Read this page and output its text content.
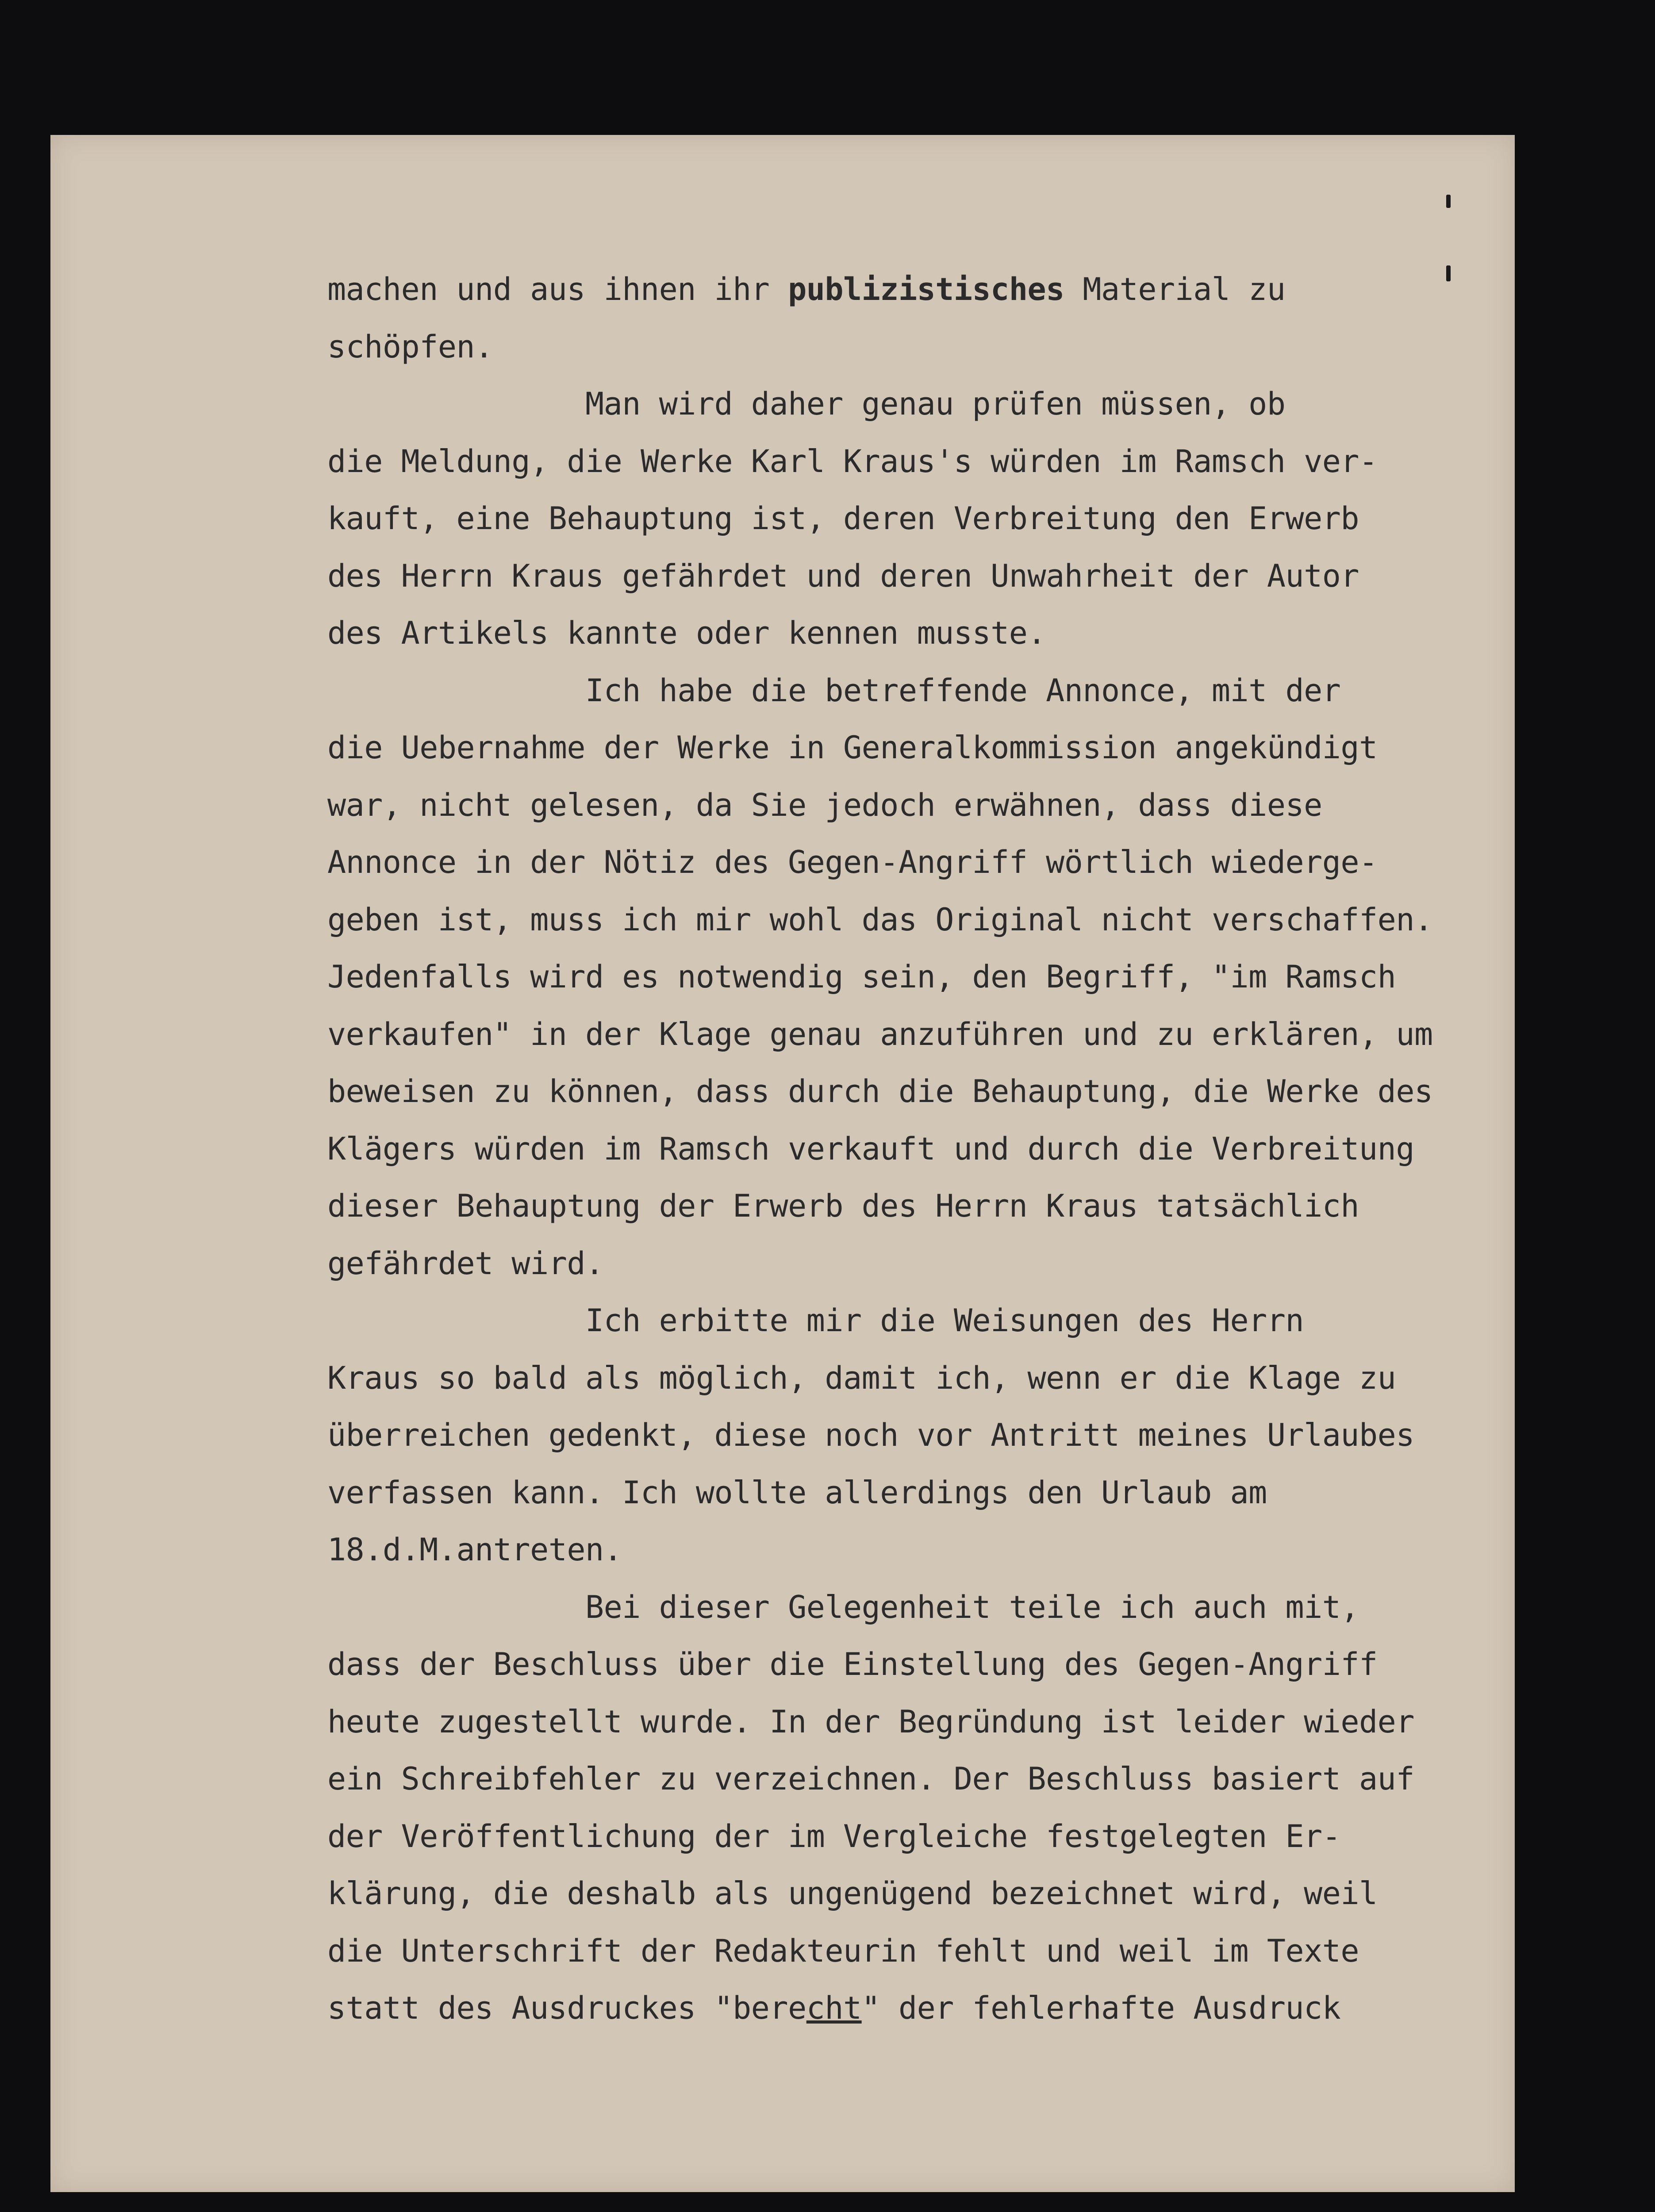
machen und aus ihnen ihr publizistisches Material zu
schöpfen.
Man wird daher genau prüfen müssen, ob
die Meldung, die Werke Karl Kraus's würden im Ramsch ver-
kauft, eine Behauptung ist, deren Verbreitung den Erwerb
des Herrn Kraus gefährdet und deren Unwahrheit der Autor
des Artikels kannte oder kennen musste.
Ich habe die betreffende Annonce, mit der
die Uebernahme der Werke in Generalkommission angekündigt
war, nicht gelesen, da Sie jedoch erwähnen, dass diese
Annonce in der Nötiz des Gegen-Angriff wörtlich wiederge-
geben ist, muss ich mir wohl das Original nicht verschaffen.
Jedenfalls wird es notwendig sein, den Begriff, "im Ramsch
verkaufen" in der Klage genau anzuführen und zu erklären, um
beweisen zu können, dass durch die Behauptung, die Werke des
Klägers würden im Ramsch verkauft und durch die Verbreitung
dieser Behauptung der Erwerb des Herrn Kraus tatsächlich
gefährdet wird.
Ich erbitte mir die Weisungen des Herrn
Kraus so bald als möglich, damit ich, wenn er die Klage zu
überreichen gedenkt, diese noch vor Antritt meines Urlaubes
verfassen kann. Ich wollte allerdings den Urlaub am
18.d.M.antreten.
Bei dieser Gelegenheit teile ich auch mit,
dass der Beschluss über die Einstellung des Gegen-Angriff
heute zugestellt wurde. In der Begründung ist leider wieder
ein Schreibfehler zu verzeichnen. Der Beschluss basiert auf
der Veröffentlichung der im Vergleiche festgelegten Er-
klärung, die deshalb als ungenügend bezeichnet wird, weil
die Unterschrift der Redakteurin fehlt und weil im Texte
statt des Ausdruckes "berecht" der fehlerhafte Ausdruck
